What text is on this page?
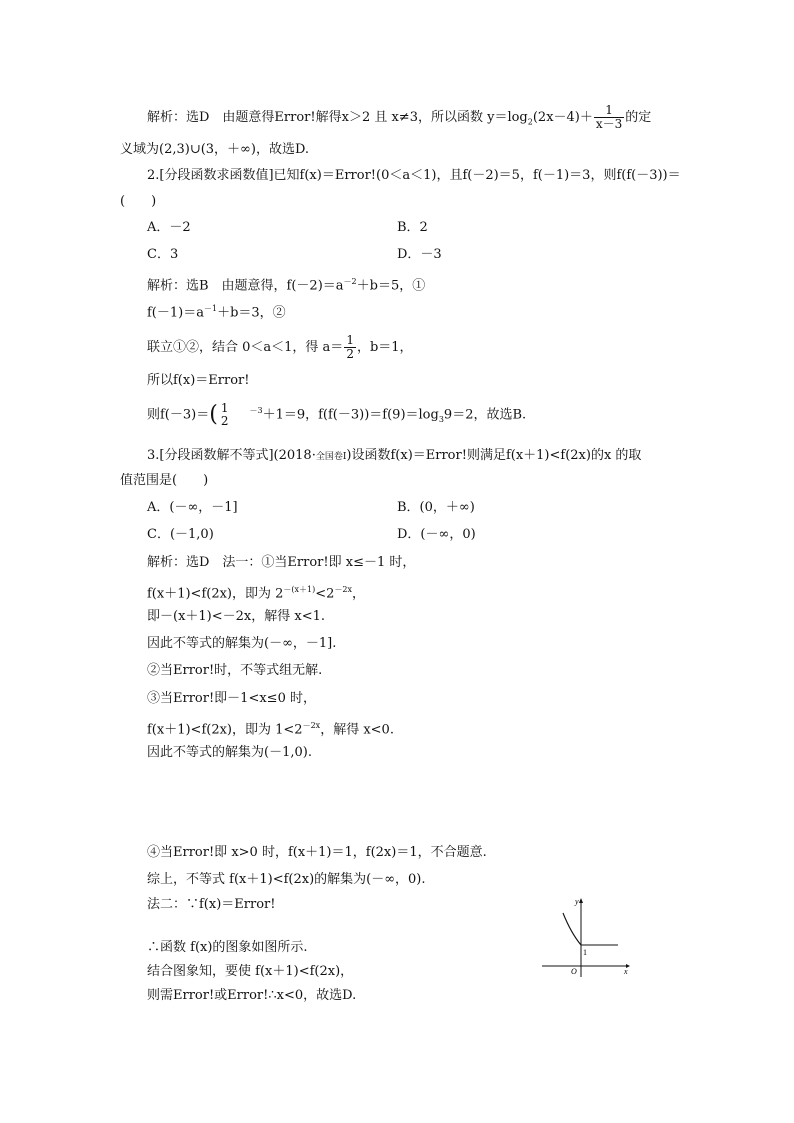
解析：选D　由题意得Error!解得x＞2 且 x≠3，所以函数 $y=\log_2(2x-4)+ \frac{1}{x-3}$ 的定
义域为(2,3)∪(3，＋∞)，故选D.
2.[分段函数求函数值]已知f(x)＝Error!(0＜a＜1)，且f(－2)＝5，f(－1)＝3，则f(f(－3))＝
(　　)
A．－2	B．2
C．3	D．－3
解析：选B　由题意得，$f(-2)=a^{-2}+b=5$，①
$f(-1)=a^{-1}+b=3$，②
联立①②，结合 0＜a＜1，得 $a= \frac{1}{2}$ ，b＝1，
所以f(x)＝Error!
则f(－3)＝( 1
2
$^{-3}$＋1＝9，$f(f(-3))=f(9)=\log_39=2$，故选B.
3.[分段函数解不等式](2018·全国卷Ⅰ)设函数f(x)＝Error!则满足f(x＋1)<f(2x)的x 的取
值范围是(　　)
A．(－∞，－1]	B．(0，＋∞)
C．(－1,0)	D．(－∞，0)
解析：选D　法一：①当Error!即 x≤－1 时，
f(x＋1)<f(2x)，即为 $2^{-(x+1)}<2^{-2x}$，
即－(x＋1)<－2x，解得 x<1.
因此不等式的解集为(－∞，－1].
②当Error!时，不等式组无解.
③当Error!即－1<x≤0 时，
f(x＋1)<f(2x)，即为 $1<2^{-2x}$，解得 x<0.
因此不等式的解集为(－1,0).
④当Error!即 x>0 时，f(x＋1)＝1，f(2x)＝1，不合题意.
综上，不等式 f(x＋1)<f(2x)的解集为(－∞，0).
法二：∵f(x)＝Error!
∴函数 f(x)的图象如图所示.
结合图象知，要使 f(x＋1)<f(2x)，
则需Error!或Error!∴x<0，故选D.
y
x
O
1
